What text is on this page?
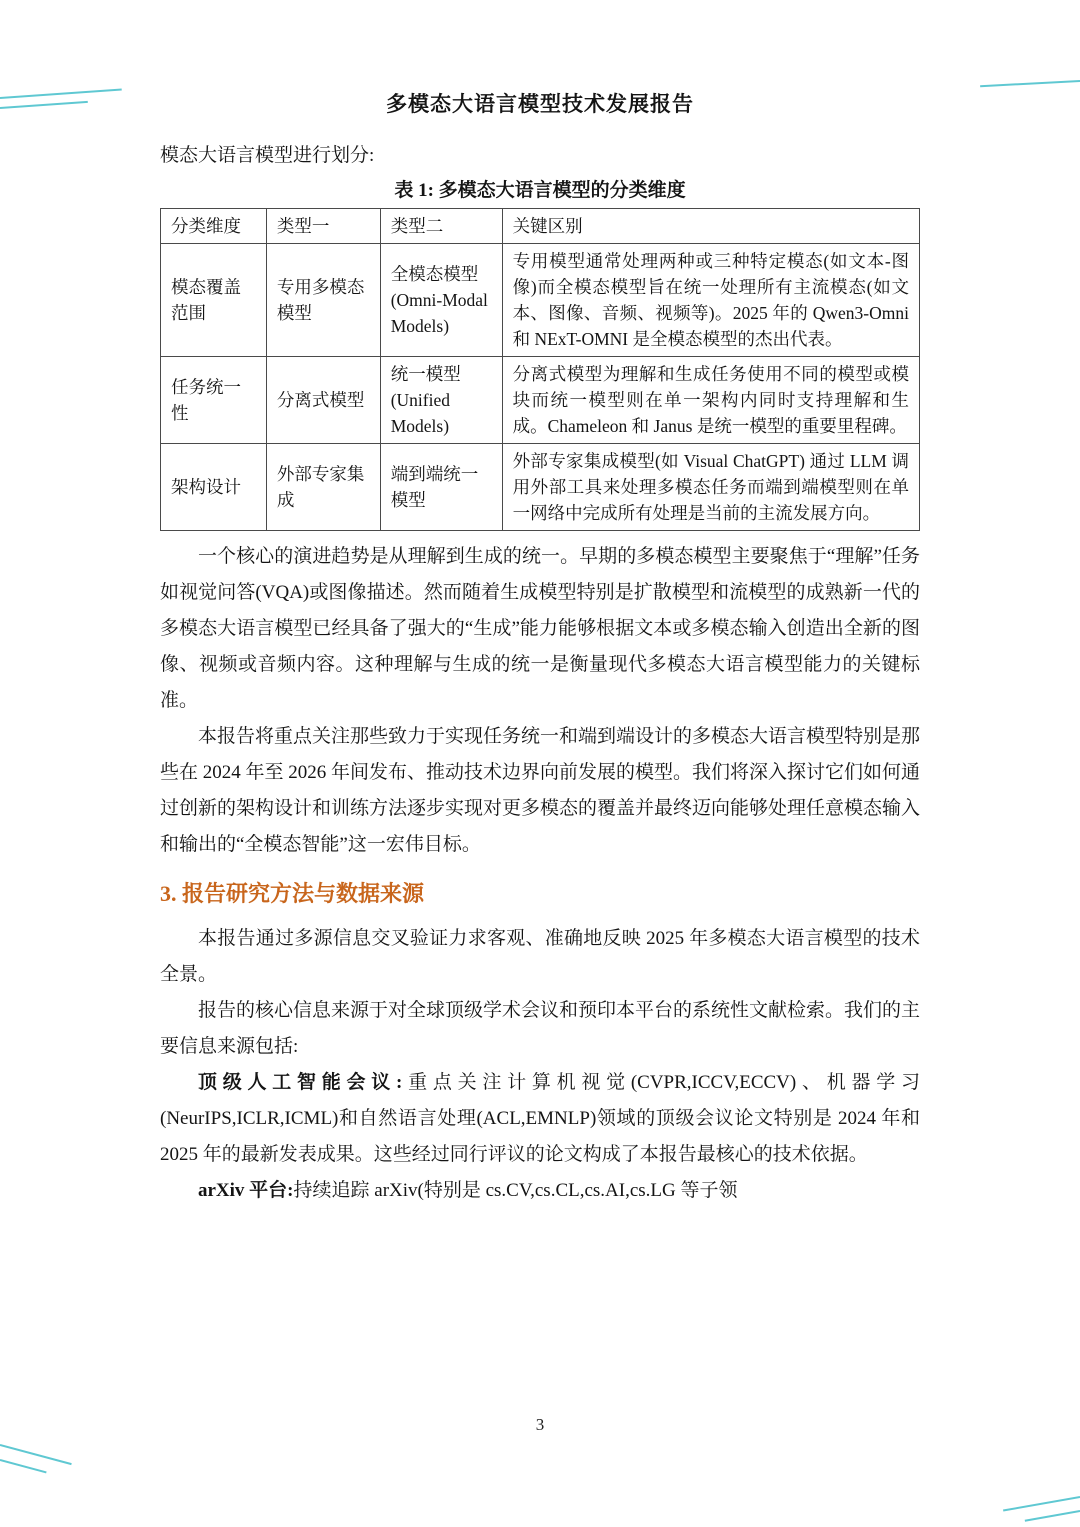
多模态大语言模型技术发展报告

模态大语言模型进行划分:

表 1: 多模态大语言模型的分类维度

分类维度	类型一	类型二	关键区别
模态覆盖范围	专用多模态模型	全模态模型 (Omni-Modal Models)	专用模型通常处理两种或三种特定模态(如文本-图像)而全模态模型旨在统一处理所有主流模态(如文本、图像、音频、视频等)。2025 年的 Qwen3-Omni 和 NExT-OMNI 是全模态模型的杰出代表。
任务统一性	分离式模型	统一模型 (Unified Models)	分离式模型为理解和生成任务使用不同的模型或模块而统一模型则在单一架构内同时支持理解和生成。Chameleon 和 Janus 是统一模型的重要里程碑。
架构设计	外部专家集成	端到端统一模型	外部专家集成模型(如 Visual ChatGPT) 通过 LLM 调用外部工具来处理多模态任务而端到端模型则在单一网络中完成所有处理是当前的主流发展方向。

一个核心的演进趋势是从理解到生成的统一。早期的多模态模型主要聚焦于“理解”任务如视觉问答(VQA)或图像描述。然而随着生成模型特别是扩散模型和流模型的成熟新一代的多模态大语言模型已经具备了强大的“生成”能力能够根据文本或多模态输入创造出全新的图像、视频或音频内容。这种理解与生成的统一是衡量现代多模态大语言模型能力的关键标准。

本报告将重点关注那些致力于实现任务统一和端到端设计的多模态大语言模型特别是那些在 2024 年至 2026 年间发布、推动技术边界向前发展的模型。我们将深入探讨它们如何通过创新的架构设计和训练方法逐步实现对更多模态的覆盖并最终迈向能够处理任意模态输入和输出的“全模态智能”这一宏伟目标。

3. 报告研究方法与数据来源

本报告通过多源信息交叉验证力求客观、准确地反映 2025 年多模态大语言模型的技术全景。

报告的核心信息来源于对全球顶级学术会议和预印本平台的系统性文献检索。我们的主要信息来源包括:

顶级人工智能会议:重点关注计算机视觉(CVPR,ICCV,ECCV)、机器学习(NeurIPS,ICLR,ICML)和自然语言处理(ACL,EMNLP)领域的顶级会议论文特别是 2024 年和 2025 年的最新发表成果。这些经过同行评议的论文构成了本报告最核心的技术依据。

arXiv 平台:持续追踪 arXiv(特别是 cs.CV,cs.CL,cs.AI,cs.LG 等子领

3
